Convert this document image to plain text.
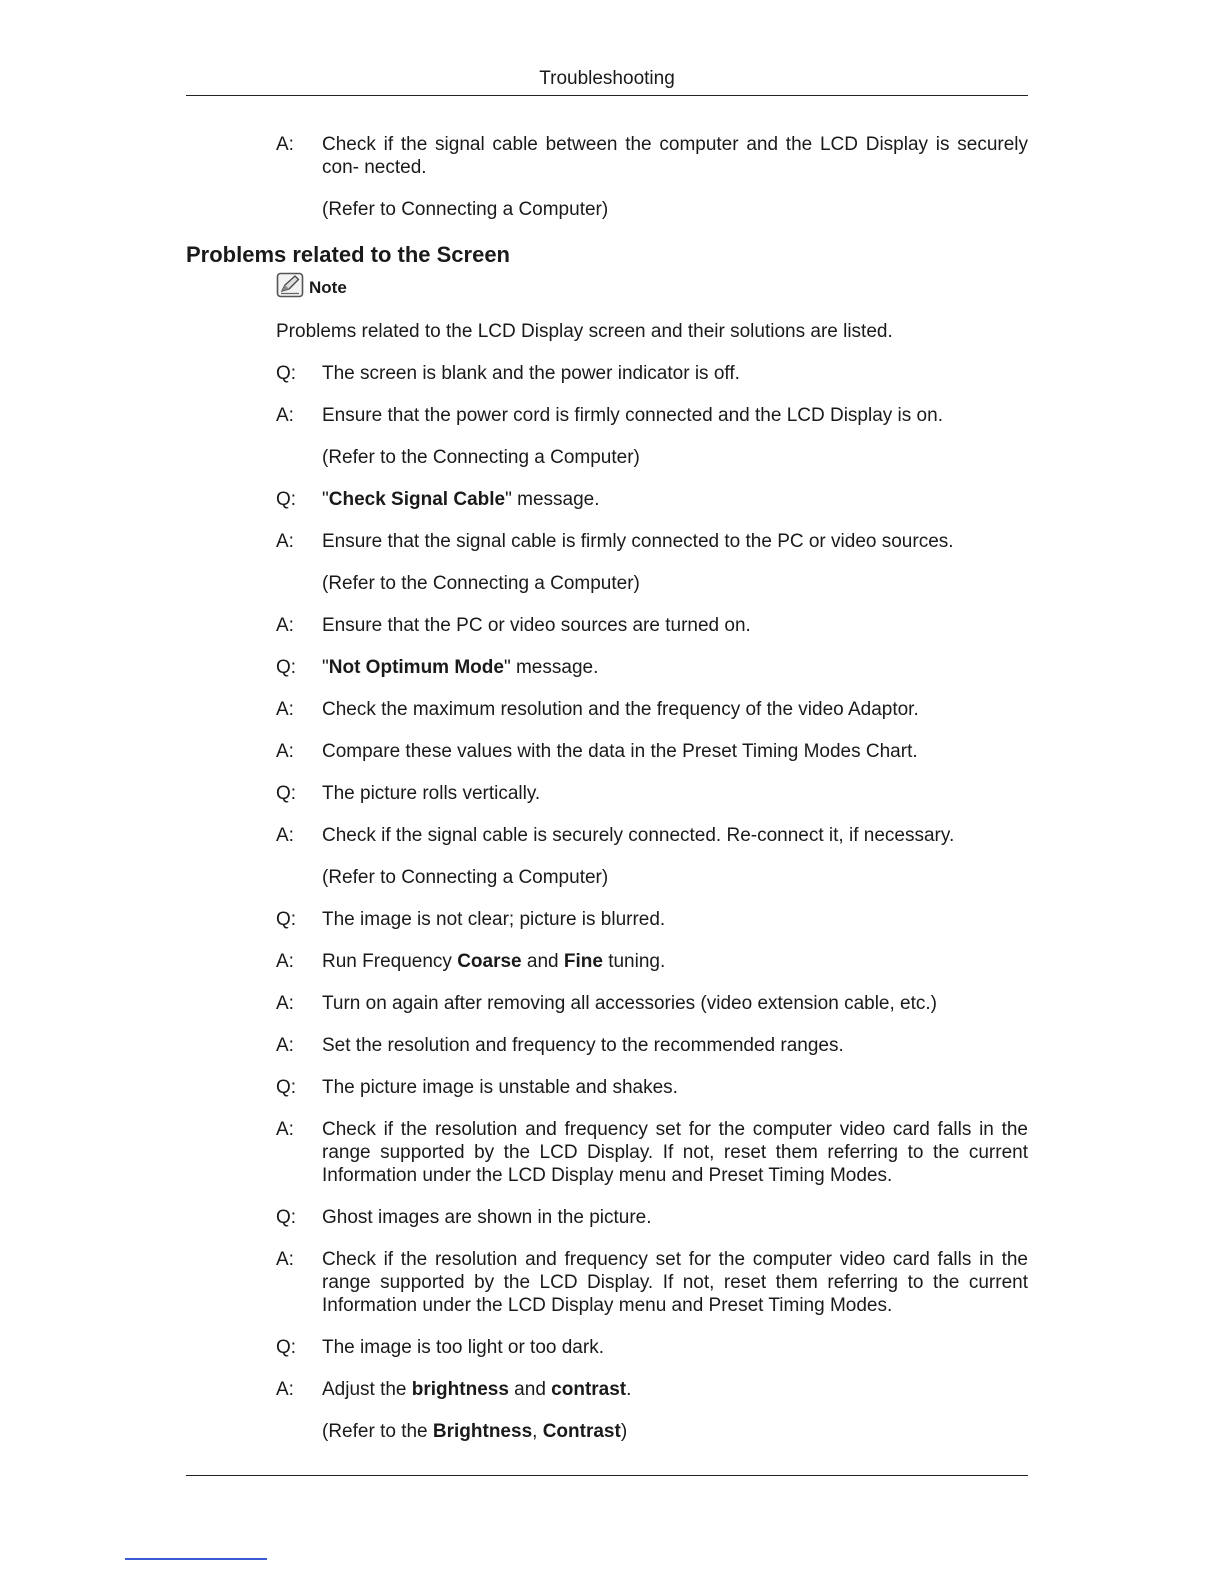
Troubleshooting
A:	Check if the signal cable between the computer and the LCD Display is securely con- nected.
(Refer to Connecting a Computer)
Problems related to the Screen
Note
Problems related to the LCD Display screen and their solutions are listed.
Q:	The screen is blank and the power indicator is off.
A:	Ensure that the power cord is firmly connected and the LCD Display is on.
(Refer to the Connecting a Computer)
Q:	"Check Signal Cable" message.
A:	Ensure that the signal cable is firmly connected to the PC or video sources.
(Refer to the Connecting a Computer)
A:	Ensure that the PC or video sources are turned on.
Q:	"Not Optimum Mode" message.
A:	Check the maximum resolution and the frequency of the video Adaptor.
A:	Compare these values with the data in the Preset Timing Modes Chart.
Q:	The picture rolls vertically.
A:	Check if the signal cable is securely connected. Re-connect it, if necessary.
(Refer to Connecting a Computer)
Q:	The image is not clear; picture is blurred.
A:	Run Frequency Coarse and Fine tuning.
A:	Turn on again after removing all accessories (video extension cable, etc.)
A:	Set the resolution and frequency to the recommended ranges.
Q:	The picture image is unstable and shakes.
A:	Check if the resolution and frequency set for the computer video card falls in the range supported by the LCD Display. If not, reset them referring to the current Information under the LCD Display menu and Preset Timing Modes.
Q:	Ghost images are shown in the picture.
A:	Check if the resolution and frequency set for the computer video card falls in the range supported by the LCD Display. If not, reset them referring to the current Information under the LCD Display menu and Preset Timing Modes.
Q:	The image is too light or too dark.
A:	Adjust the brightness and contrast.
(Refer to the Brightness, Contrast)
